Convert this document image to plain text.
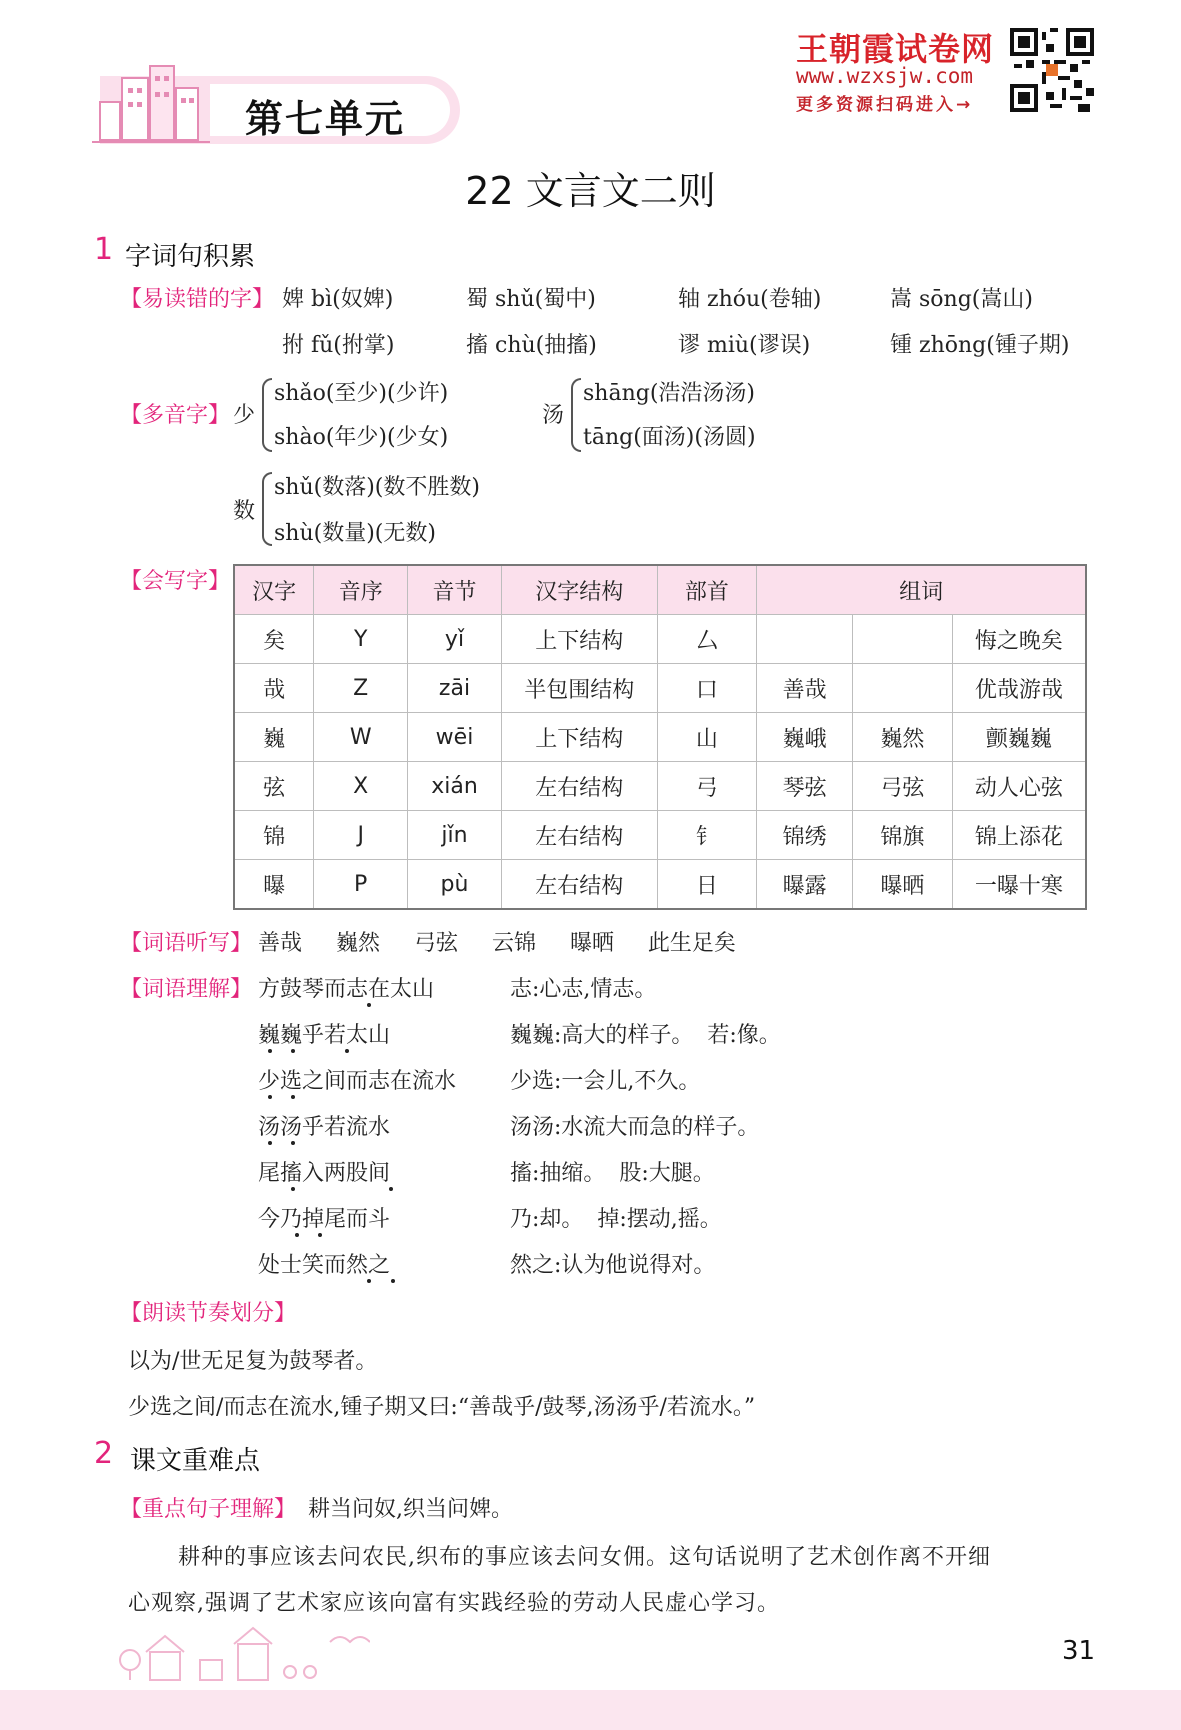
第七单元
王朝霞试卷网
www.wzxsjw.com
更多资源扫码进入→
22 文言文二则
1 字词句积累
【易读错的字】 婢 bì(奴婢)	蜀 shǔ(蜀中)	轴 zhóu(卷轴)	嵩 sōng(嵩山)
拊 fǔ(拊掌)	搐 chù(抽搐)	谬 miù(谬误)	锺 zhōng(锺子期)
【多音字】 少
shǎo(至少)(少许)
shào(年少)(少女)
汤
shāng(浩浩汤汤)
tāng(面汤)(汤圆)
数
shǔ(数落)(数不胜数)
shù(数量)(无数)
【会写字】 汉字	音序	音节	汉字结构	部首	组词		
矣	Y	yǐ	上下结构	厶			悔之晚矣
哉	Z	zāi	半包围结构	口	善哉		优哉游哉
巍	W	wēi	上下结构	山	巍峨	巍然	颤巍巍
弦	X	xián	左右结构	弓	琴弦	弓弦	动人心弦
锦	J	jǐn	左右结构	钅	锦绣	锦旗	锦上添花
曝	P	pù	左右结构	日	曝露	曝晒	一曝十寒
【词语听写】 善哉  巍然  弓弦  云锦  曝晒  此生足矣
【词语理解】 方鼓琴而志在太山	志:心志,情志。
巍巍乎若太山	巍巍:高大的样子。  若:像。
少选之间而志在流水 少选:一会儿,不久。
汤汤乎若流水	汤汤:水流大而急的样子。
尾搐入两股间	搐:抽缩。  股:大腿。
今乃掉尾而斗	乃:却。  掉:摆动,摇。
处士笑而然之	然之:认为他说得对。
【朗读节奏划分】
以为/世无足复为鼓琴者。
少选之间/而志在流水,锺子期又曰:“善哉乎/鼓琴,汤汤乎/若流水。”
2 课文重难点
【重点句子理解】 耕当问奴,织当问婢。
耕种的事应该去问农民,织布的事应该去问女佣。这句话说明了艺术创作离不开细
心观察,强调了艺术家应该向富有实践经验的劳动人民虚心学习。
31
